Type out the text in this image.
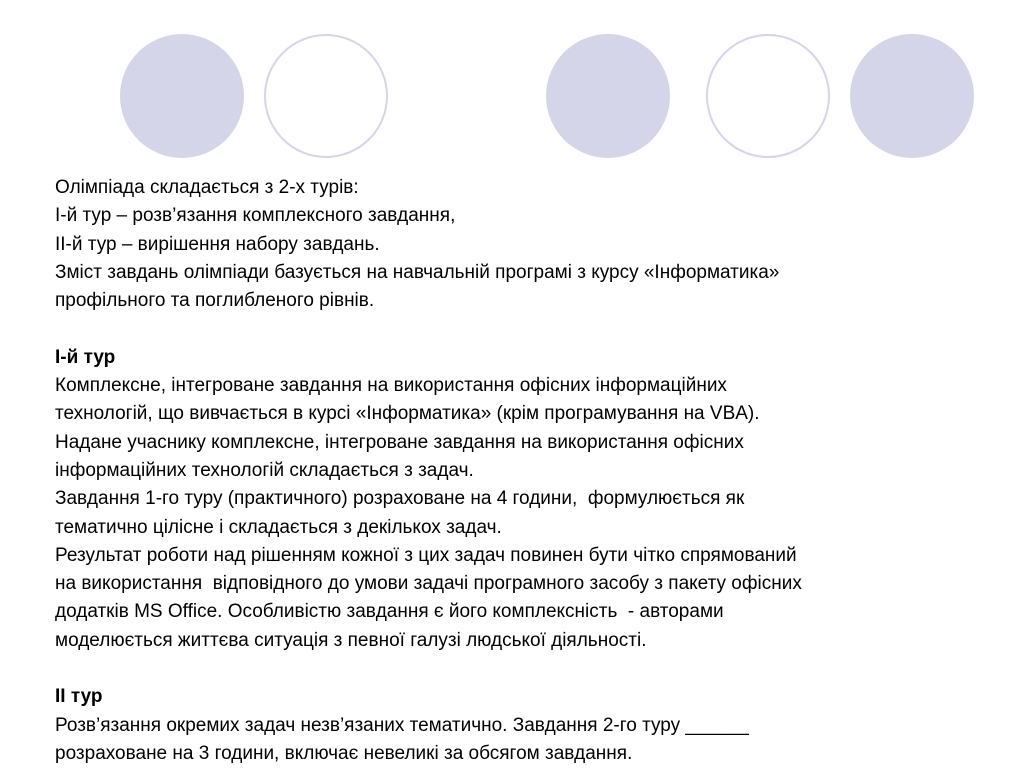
Олімпіада складається з 2-х турів:
І-й тур – розв’язання комплексного завдання,
ІІ-й тур – вирішення набору завдань.
Зміст завдань олімпіади базується на навчальній програмі з курсу «Інформатика»
профільного та поглибленого рівнів.
І-й тур
Комплексне, інтегроване завдання на використання офісних інформаційних
технологій, що вивчається в курсі «Інформатика» (крім програмування на VBA).
Надане учаснику комплексне, інтегроване завдання на використання офісних
інформаційних технологій складається з задач.
Завдання 1-го туру (практичного) розраховане на 4 години,  формулюється як
тематично цілісне і складається з декількох задач.
Результат роботи над рішенням кожної з цих задач повинен бути чітко спрямований
на використання  відповідного до умови задачі програмного засобу з пакету офісних
додатків MS Office. Особливістю завдання є його комплексність  - авторами
моделюється життєва ситуація з певної галузі людської діяльності.
ІІ тур
Розв’язання окремих задач незв’язаних тематично. Завдання 2-го туру ______
розраховане на 3 години, включає невеликі за обсягом завдання.
